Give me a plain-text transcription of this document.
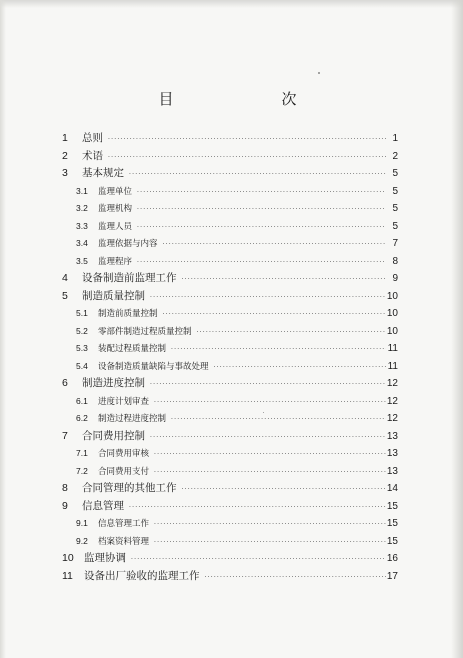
目　　次
1	总则 ·····	1
2	术语 ·····	2
3	基本规定 ·····	5
3.1	监理单位 ·····	5
3.2	监理机构 ·····	5
3.3	监理人员 ·····	5
3.4	监理依据与内容 ·····	7
3.5	监理程序 ·····	8
4	设备制造前监理工作 ·····	9
5	制造质量控制 ·····	10
5.1	制造前质量控制 ·····	10
5.2	零部件制造过程质量控制 ·····	10
5.3	装配过程质量控制 ·····	11
5.4	设备制造质量缺陷与事故处理 ·····	11
6	制造进度控制 ·····	12
6.1	进度计划审查 ·····	12
6.2	制造过程进度控制 ·····	12
7	合同费用控制 ·····	13
7.1	合同费用审核 ·····	13
7.2	合同费用支付 ·····	13
8	合同管理的其他工作 ·····	14
9	信息管理 ·····	15
9.1	信息管理工作 ·····	15
9.2	档案资料管理 ·····	15
10 监理协调 ·····	16
11	设备出厂验收的监理工作 ·····	17
